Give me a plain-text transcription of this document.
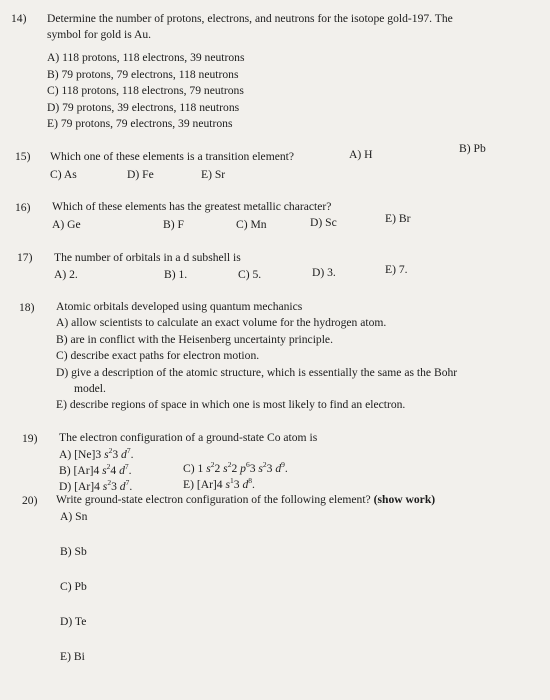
14) Determine the number of protons, electrons, and neutrons for the isotope gold-197. The
symbol for gold is Au.
A) 118 protons, 118 electrons, 39 neutrons
B) 79 protons, 79 electrons, 118 neutrons
C) 118 protons, 118 electrons, 79 neutrons
D) 79 protons, 39 electrons, 118 neutrons
E) 79 protons, 79 electrons, 39 neutrons
15) Which one of these elements is a transition element?	A) H	B) Pb
C) As	D) Fe	E) Sr
16) Which of these elements has the greatest metallic character?
A) Ge	B) F	C) Mn	D) Sc	E) Br
17) The number of orbitals in a d subshell is
A) 2.	B) 1.	C) 5.	D) 3.	E) 7.
18) Atomic orbitals developed using quantum mechanics
A) allow scientists to calculate an exact volume for the hydrogen atom.
B) are in conflict with the Heisenberg uncertainty principle.
C) describe exact paths for electron motion.
D) give a description of the atomic structure, which is essentially the same as the Bohr
model.
E) describe regions of space in which one is most likely to find an electron.
19) The electron configuration of a ground-state Co atom is
A) [Ne]3 $s^23$ $d^7$.
B) [Ar]4 $s^24$ $d^7$.	C) 1 $s^22$ $s^22$ $p^63$ $s^23$ $d^9$.
D) [Ar]4 $s^23$ $d^7$.	E) [Ar]4 $s^13$ $d^8$.
20) Write ground-state electron configuration of the following element? (show work)
A) Sn
B) Sb
C) Pb
D) Te
E) Bi
